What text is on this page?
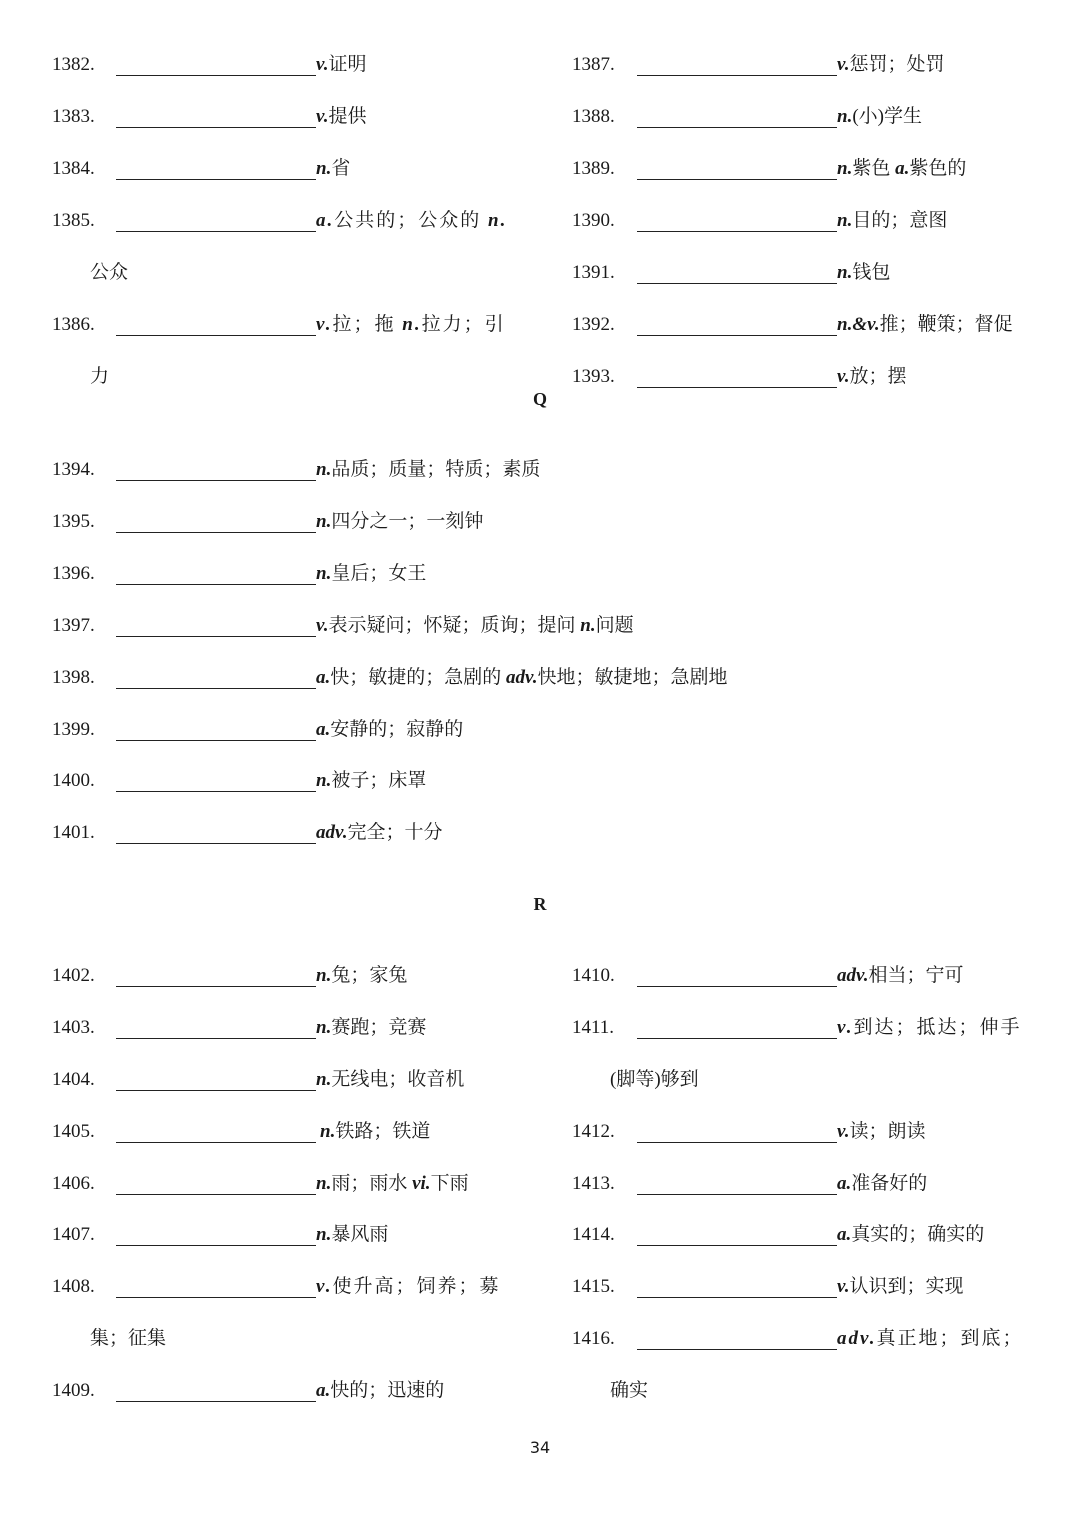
1382.	v.证明
1383.	v.提供
1384.	n.省
1385.	a.公共的；公众的 n.
公众
1386.	v.拉；拖 n.拉力；引
力
1387.	v.惩罚；处罚
1388.	n.(小)学生
1389.	n.紫色 a.紫色的
1390.	n.目的；意图
1391.	n.钱包
1392.	n.&v.推；鞭策；督促
1393.	v.放；摆
Q
1394.	n.品质；质量；特质；素质
1395.	n.四分之一；一刻钟
1396.	n.皇后；女王
1397.	v.表示疑问；怀疑；质询；提问 n.问题
1398.	a.快；敏捷的；急剧的 adv.快地；敏捷地；急剧地
1399.	a.安静的；寂静的
1400.	n.被子；床罩
1401.	adv.完全；十分
R
1402.	n.兔；家兔
1403.	n.赛跑；竞赛
1404.	n.无线电；收音机
1405.	n.铁路；铁道
1406.	n.雨；雨水 vi.下雨
1407.	n.暴风雨
1408.	v.使升高；饲养；募
集；征集
1409.	a.快的；迅速的
1410.	adv.相当；宁可
1411.	v.到达；抵达；伸手
(脚等)够到
1412.	v.读；朗读
1413.	a.准备好的
1414.	a.真实的；确实的
1415.	v.认识到；实现
1416.	adv.真正地；到底；
确实
34
